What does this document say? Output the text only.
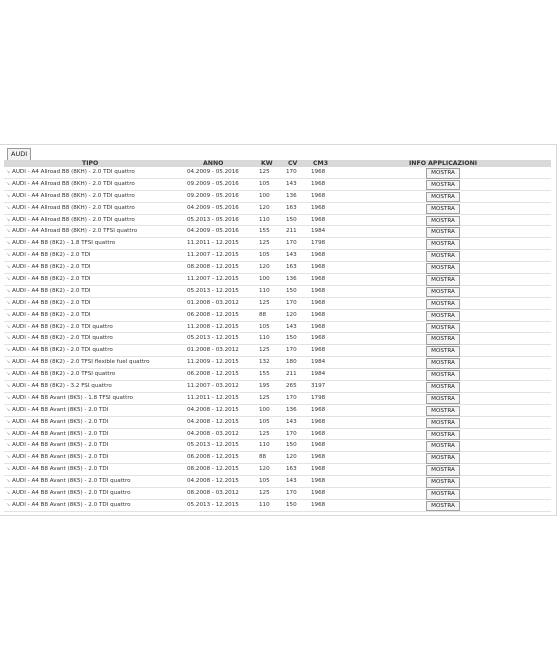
AUDI
TIPO	ANNO	KW CV	CM3	INFO APPLICAZIONI
↘ AUDI - A4 Allroad B8 (8KH) - 2.0 TDI quattro	04.2009 - 05.2016	125	170	1968	MOSTRA
↘ AUDI - A4 Allroad B8 (8KH) - 2.0 TDI quattro	09.2009 - 05.2016	105	143	1968	MOSTRA
↘ AUDI - A4 Allroad B8 (8KH) - 2.0 TDI quattro	09.2009 - 05.2016	100	136	1968	MOSTRA
↘ AUDI - A4 Allroad B8 (8KH) - 2.0 TDI quattro	04.2009 - 05.2016	120	163	1968	MOSTRA
↘ AUDI - A4 Allroad B8 (8KH) - 2.0 TDI quattro	05.2013 - 05.2016	110	150	1968	MOSTRA
↘ AUDI - A4 Allroad B8 (8KH) - 2.0 TFSI quattro	04.2009 - 05.2016	155	211	1984	MOSTRA
↘ AUDI - A4 B8 (8K2) - 1.8 TFSI quattro	11.2011 - 12.2015	125	170	1798	MOSTRA
↘ AUDI - A4 B8 (8K2) - 2.0 TDI	11.2007 - 12.2015	105	143	1968	MOSTRA
↘ AUDI - A4 B8 (8K2) - 2.0 TDI	08.2008 - 12.2015	120	163	1968	MOSTRA
↘ AUDI - A4 B8 (8K2) - 2.0 TDI	11.2007 - 12.2015	100	136	1968	MOSTRA
↘ AUDI - A4 B8 (8K2) - 2.0 TDI	05.2013 - 12.2015	110	150	1968	MOSTRA
↘ AUDI - A4 B8 (8K2) - 2.0 TDI	01.2008 - 03.2012	125	170	1968	MOSTRA
↘ AUDI - A4 B8 (8K2) - 2.0 TDI	06.2008 - 12.2015	88	120	1968	MOSTRA
↘ AUDI - A4 B8 (8K2) - 2.0 TDI quattro	11.2008 - 12.2015	105	143	1968	MOSTRA
↘ AUDI - A4 B8 (8K2) - 2.0 TDI quattro	05.2013 - 12.2015	110	150	1968	MOSTRA
↘ AUDI - A4 B8 (8K2) - 2.0 TDI quattro	01.2008 - 03.2012	125	170	1968	MOSTRA
↘ AUDI - A4 B8 (8K2) - 2.0 TFSI flexible fuel quattro	11.2009 - 12.2015	132	180	1984	MOSTRA
↘ AUDI - A4 B8 (8K2) - 2.0 TFSI quattro	06.2008 - 12.2015	155	211	1984	MOSTRA
↘ AUDI - A4 B8 (8K2) - 3.2 FSI quattro	11.2007 - 03.2012	195	265	3197	MOSTRA
↘ AUDI - A4 B8 Avant (8K5) - 1.8 TFSI quattro	11.2011 - 12.2015	125	170	1798	MOSTRA
↘ AUDI - A4 B8 Avant (8K5) - 2.0 TDI	04.2008 - 12.2015	100	136	1968	MOSTRA
↘ AUDI - A4 B8 Avant (8K5) - 2.0 TDI	04.2008 - 12.2015	105	143	1968	MOSTRA
↘ AUDI - A4 B8 Avant (8K5) - 2.0 TDI	04.2008 - 03.2012	125	170	1968	MOSTRA
↘ AUDI - A4 B8 Avant (8K5) - 2.0 TDI	05.2013 - 12.2015	110	150	1968	MOSTRA
↘ AUDI - A4 B8 Avant (8K5) - 2.0 TDI	06.2008 - 12.2015	88	120	1968	MOSTRA
↘ AUDI - A4 B8 Avant (8K5) - 2.0 TDI	08.2008 - 12.2015	120	163	1968	MOSTRA
↘ AUDI - A4 B8 Avant (8K5) - 2.0 TDI quattro	04.2008 - 12.2015	105	143	1968	MOSTRA
↘ AUDI - A4 B8 Avant (8K5) - 2.0 TDI quattro	08.2008 - 03.2012	125	170	1968	MOSTRA
↘ AUDI - A4 B8 Avant (8K5) - 2.0 TDI quattro	05.2013 - 12.2015	110	150	1968	MOSTRA
